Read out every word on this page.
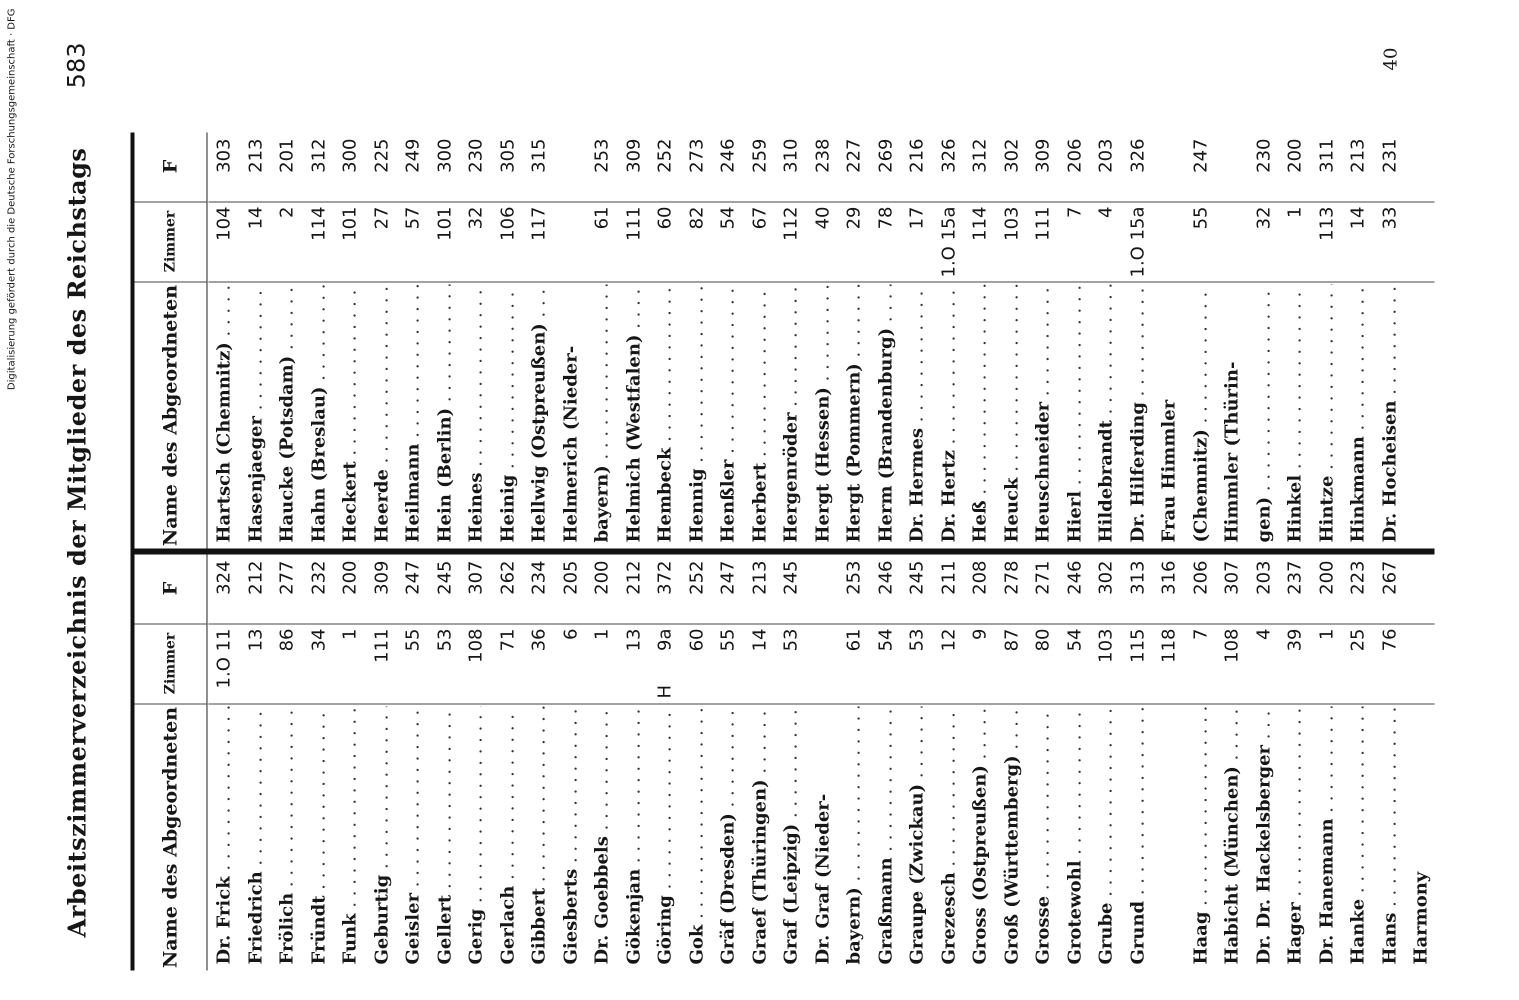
Arbeitszimmerverzeichnis der Mitglieder des Reichstags
583
Name des Abgeordneten
Zimmer
F
Dr. Frick . . .
1.O 11
324
Friedrich . . .
13
212
Frölich . . .
86
277
Fründt . . .
34
232
Funk . . .
1
200
Geburtig . . .
111
309
Geisler . . .
55
247
Gellert . . .
53
245
Gerig . . .
108
307
Gerlach . . .
71
262
Gibbert . . .
36
234
Giesberts . . .
6
205
Dr. Goebbels . . .
1
200
Gökenjan . . .
13
212
Göring . . .
H
9a
372
Gok . . .
60
252
Gräf (Dresden) . . .
55
247
Graef (Thüringen) . . .
14
213
Graf (Leipzig) . . .
53
245
Dr. Graf (Nieder- bayern) . . .
61
253
Graßmann . . .
54
246
Graupe (Zwickau) . . .
53
245
Grezesch . . .
12
211
Gross (Ostpreußen) . . .
9
208
Groß (Württemberg) . . .
87
278
Grosse . . .
80
271
Grotewohl . . .
54
246
Grube . . .
103
302
Grund . . .
115
313
118
316
Haag . . .
7
206
Habicht (München) . . .
108
307
Dr. Dr. Hackelsberger . . .
4
203
Hager . . .
39
237
Dr. Hanemann . . .
1
200
Hanke . . .
25
223
Hans . . .
76
267
Harmony
Name des Abgeordneten
Zimmer
F
Hartsch (Chemnitz) . . .
104
303
Hasenjaeger . . .
14
213
Haucke (Potsdam) . . .
2
201
Hahn (Breslau) . . .
114
312
Heckert . . .
101
300
Heerde . . .
27
225
Heilmann . . .
57
249
Hein (Berlin) . . .
101
300
Heines . . .
32
230
Heinig . . .
106
305
Hellwig (Ostpreußen) . . .
117
315
Helmerich (Nieder- bayern) . . .
61
253
Helmich (Westfalen) . . .
111
309
Hembeck . . .
60
252
Hennig . . .
82
273
Henßler . . .
54
246
Herbert . . .
67
259
Hergenröder . . .
112
310
Hergt (Hessen) . . .
40
238
Hergt (Pommern) . . .
29
227
Herm (Brandenburg) . . .
78
269
Dr. Hermes . . .
17
216
Dr. Hertz . . .
1.O 15a
326
Heß . . .
114
312
Heuck . . .
103
302
Heuschneider . . .
111
309
Hierl . . .
7
206
Hildebrandt . . .
4
203
Dr. Hilferding . . .
1.O 15a
326
Frau Himmler (Chemnitz) . . .
55
247
Himmler (Thürin- gen) . . .
32
230
Hinkel . . .
1
200
Hintze . . .
113
311
Hinkmann . . .
14
213
Dr. Hocheisen . . .
33
231
40
Digitalisierung gefördert durch die Deutsche Forschungsgemeinschaft · DFG
